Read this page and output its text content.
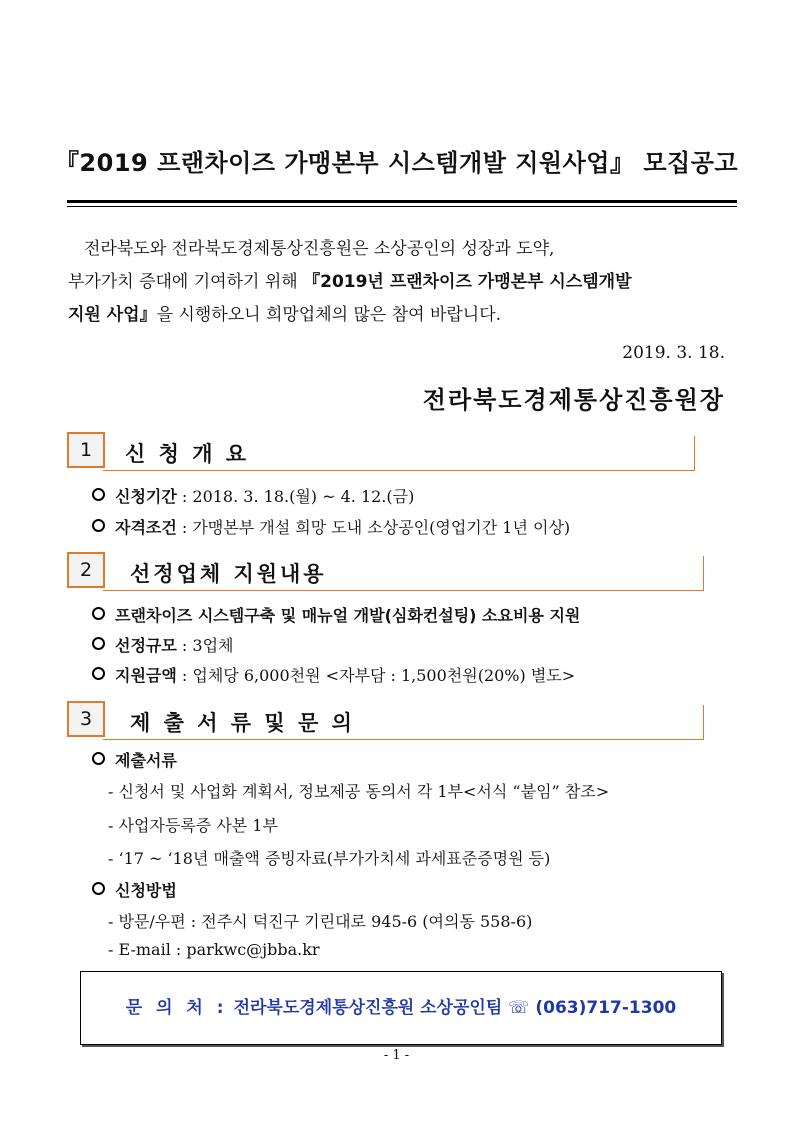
『2019 프랜차이즈 가맹본부 시스템개발 지원사업』 모집공고
전라북도와 전라북도경제통상진흥원은 소상공인의 성장과 도약,
부가가치 증대에 기여하기 위해 『2019년 프랜차이즈 가맹본부 시스템개발
지원 사업』을 시행하오니 희망업체의 많은 참여 바랍니다.
2019. 3. 18.
전라북도경제통상진흥원장
1	신 청 개 요
신청기간 : 2018. 3. 18.(월) ~ 4. 12.(금)
자격조건 : 가맹본부 개설 희망 도내 소상공인(영업기간 1년 이상)
2	선정업체 지원내용
프랜차이즈 시스템구축 및 매뉴얼 개발(심화컨설팅) 소요비용 지원
선정규모 : 3업체
지원금액 : 업체당 6,000천원 <자부담 : 1,500천원(20%) 별도>
3	제 출 서 류 및 문 의
제출서류
- 신청서 및 사업화 계획서, 정보제공 동의서 각 1부<서식 “붙임” 참조>
- 사업자등록증 사본 1부
- ‘17 ~ ‘18년 매출액 증빙자료(부가가치세 과세표준증명원 등)
신청방법
- 방문/우편 : 전주시 덕진구 기린대로 945-6 (여의동 558-6)
- E-mail : parkwc@jbba.kr
문 의 처 : 전라북도경제통상진흥원 소상공인팀 ☏ (063)717-1300
- 1 -
